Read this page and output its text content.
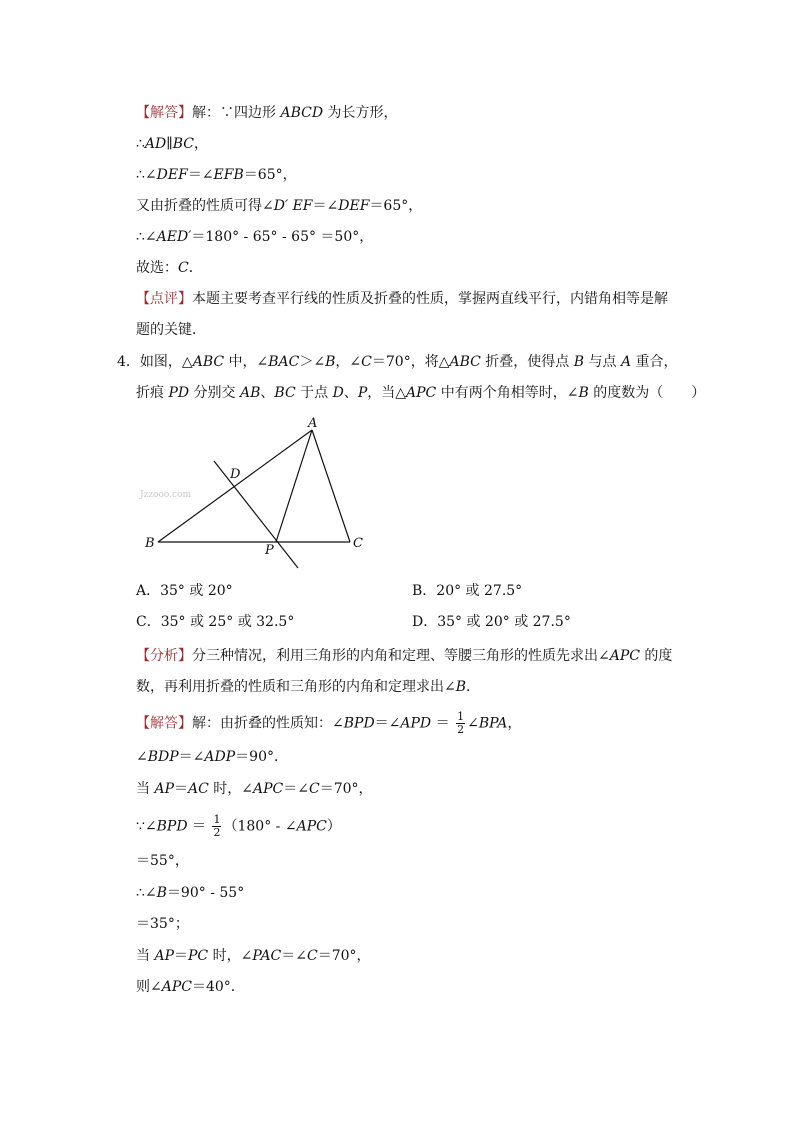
【解答】解：∵四边形 ABCD 为长方形，
∴AD∥BC，
∴∠DEF＝∠EFB＝65°，
又由折叠的性质可得∠D′ EF＝∠DEF＝65°，
∴∠AED′＝180° - 65° - 65° ＝50°，
故选：C．
【点评】本题主要考查平行线的性质及折叠的性质，掌握两直线平行，内错角相等是解
题的关键．
4．如图，△ABC 中，∠BAC＞∠B，∠C＝70°，将△ABC 折叠，使得点 B 与点 A 重合，
折痕 PD 分别交 AB、BC 于点 D、P，当△APC 中有两个角相等时，∠B 的度数为（　　）
A
B	C
D
P
Jzzooo.com
A．35° 或 20°	B．20° 或 27.5°
C．35° 或 25° 或 32.5°	D．35° 或 20° 或 27.5°
【分析】分三种情况，利用三角形的内角和定理、等腰三角形的性质先求出∠APC 的度
数，再利用折叠的性质和三角形的内角和定理求出∠B．
【解答】解：由折叠的性质知：∠BPD＝∠APD ＝ $\frac{1}{2}$ ∠BPA，
∠BDP＝∠ADP＝90°．
当 AP＝AC 时，∠APC＝∠C＝70°，
∵∠BPD ＝ $\frac{1}{2} (180^\circ$ - ∠APC）
＝55°，
∴∠B＝90° - 55°
＝35°；
当 AP＝PC 时，∠PAC＝∠C＝70°，
则∠APC＝40°．
